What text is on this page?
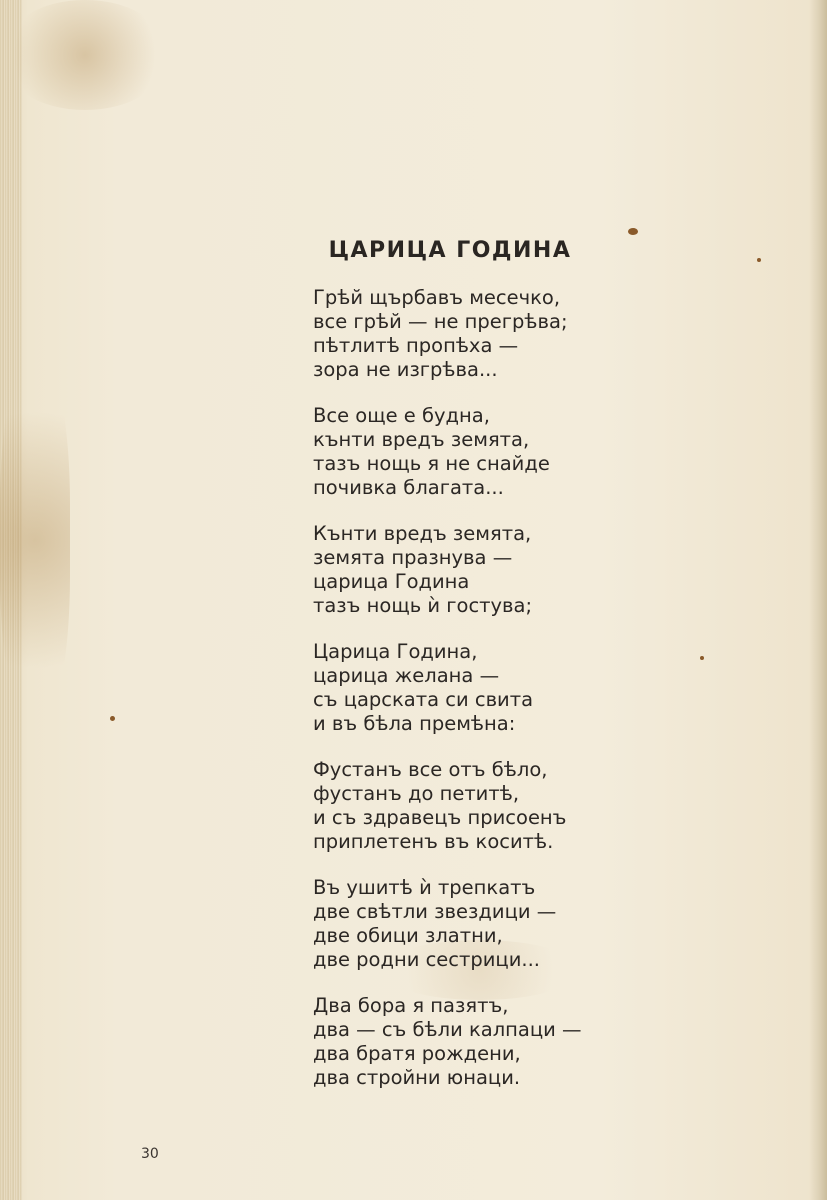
ЦАРИЦА ГОДИНА
Грѣй щърбавъ месечко,
все грѣй — не прегрѣва;
пѣтлитѣ пропѣха —
зора не изгрѣва...
Все още е будна,
кънти вредъ земята,
тазъ нощь я не снайде
почивка благата...
Кънти вредъ земята,
земята празнува —
царица Година
тазъ нощь ѝ гостува;
Царица Година,
царица желана —
съ царската си свита
и въ бѣла премѣна:
Фустанъ все отъ бѣло,
фустанъ до петитѣ,
и съ здравецъ присоенъ
приплетенъ въ коситѣ.
Въ ушитѣ ѝ трепкатъ
две свѣтли звездици —
две обици златни,
две родни сестрици...
Два бора я пазятъ,
два — съ бѣли калпаци —
два братя рождени,
два стройни юнаци.
30
